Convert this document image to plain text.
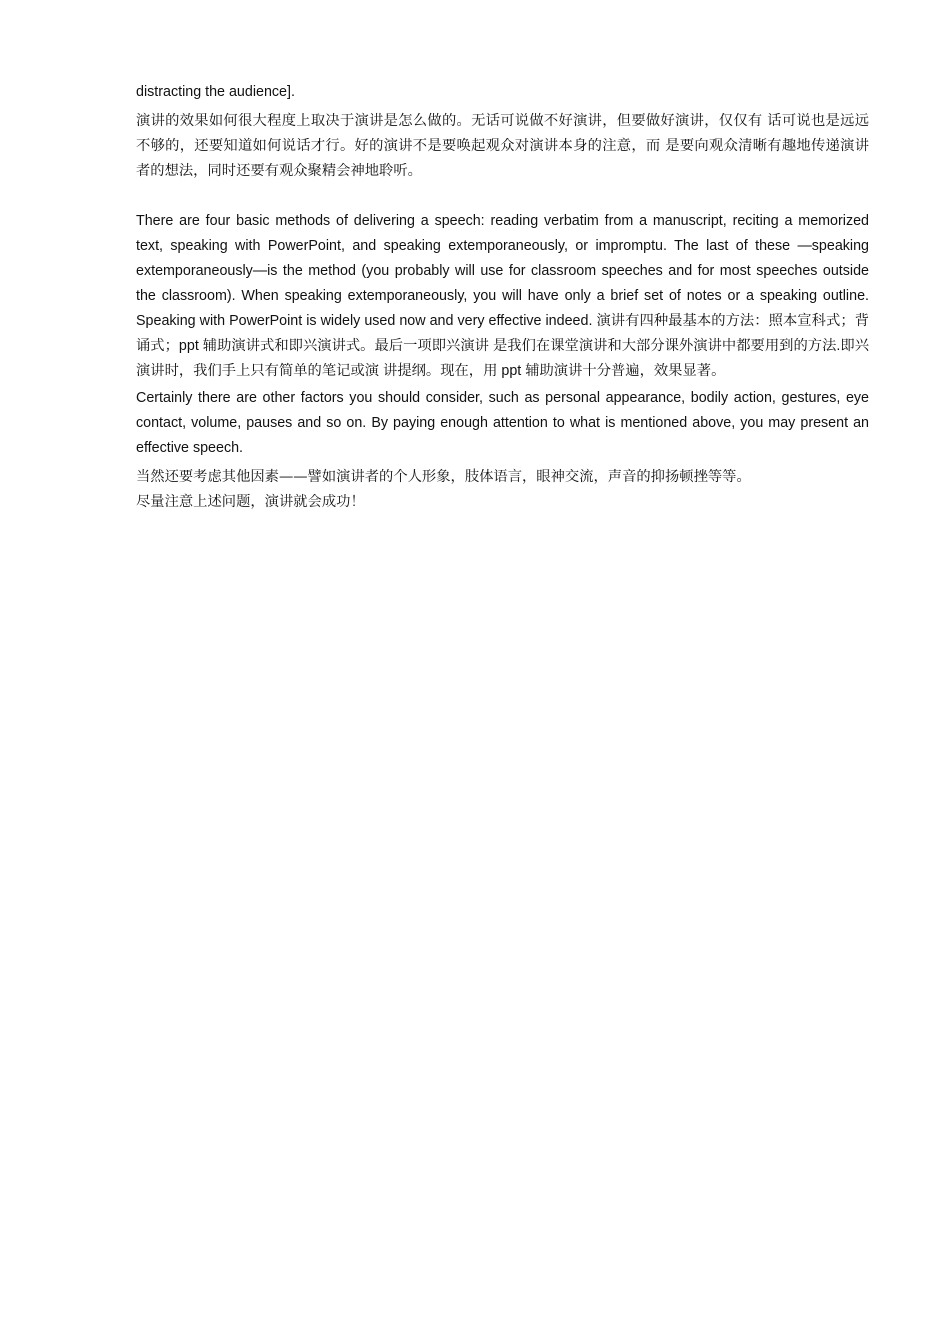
distracting the audience].

演讲的效果如何很大程度上取决于演讲是怎么做的。无话可说做不好演讲，但要做好演讲，仅仅有 话可说也是远远不够的，还要知道如何说话才行。好的演讲不是要唤起观众对演讲本身的注意，而 是要向观众清晰有趣地传递演讲者的想法，同时还要有观众聚精会神地聆听。

There are four basic methods of delivering a speech: reading verbatim from a manuscript, reciting a memorized text, speaking with PowerPoint, and speaking extemporaneously, or impromptu. The last of these —speaking extemporaneously—is the method (you probably will use for classroom speeches and for most speeches outside the classroom). When speaking extemporaneously, you will have only a brief set of notes or a speaking outline. Speaking with PowerPoint is widely used now and very effective indeed. 演讲有四种最基本的方法：照本宣科式；背诵式；ppt 辅助演讲式和即兴演讲式。最后一项即兴演讲 是我们在课堂演讲和大部分课外演讲中都要用到的方法.即兴演讲时，我们手上只有简单的笔记或演 讲提纲。现在，用 ppt 辅助演讲十分普遍，效果显著。

Certainly there are other factors you should consider, such as personal appearance, bodily action, gestures, eye contact, volume, pauses and so on. By paying enough attention to what is mentioned above, you may present an effective speech.

当然还要考虑其他因素——譬如演讲者的个人形象，肢体语言，眼神交流，声音的抑扬顿挫等等。

尽量注意上述问题，演讲就会成功！
